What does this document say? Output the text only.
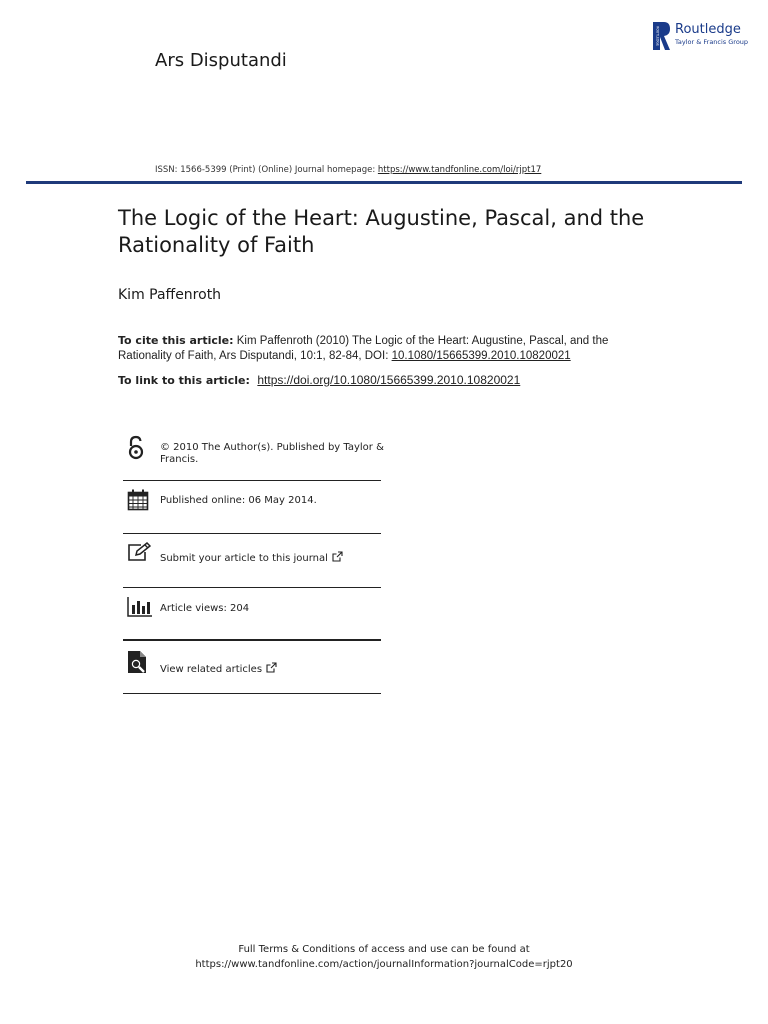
Ars Disputandi
ROUTLEDGE Routledge
Taylor & Francis Group
ISSN: 1566-5399 (Print) (Online) Journal homepage: https://www.tandfonline.com/loi/rjpt17
The Logic of the Heart: Augustine, Pascal, and the Rationality of Faith
Kim Paffenroth
To cite this article: Kim Paffenroth (2010) The Logic of the Heart: Augustine, Pascal, and the Rationality of Faith, Ars Disputandi, 10:1, 82-84, DOI: 10.1080/15665399.2010.10820021
To link to this article: https://doi.org/10.1080/15665399.2010.10820021
© 2010 The Author(s). Published by Taylor & Francis.
Published online: 06 May 2014.
Submit your article to this journal
Article views: 204
View related articles
Full Terms & Conditions of access and use can be found at
https://www.tandfonline.com/action/journalInformation?journalCode=rjpt20
